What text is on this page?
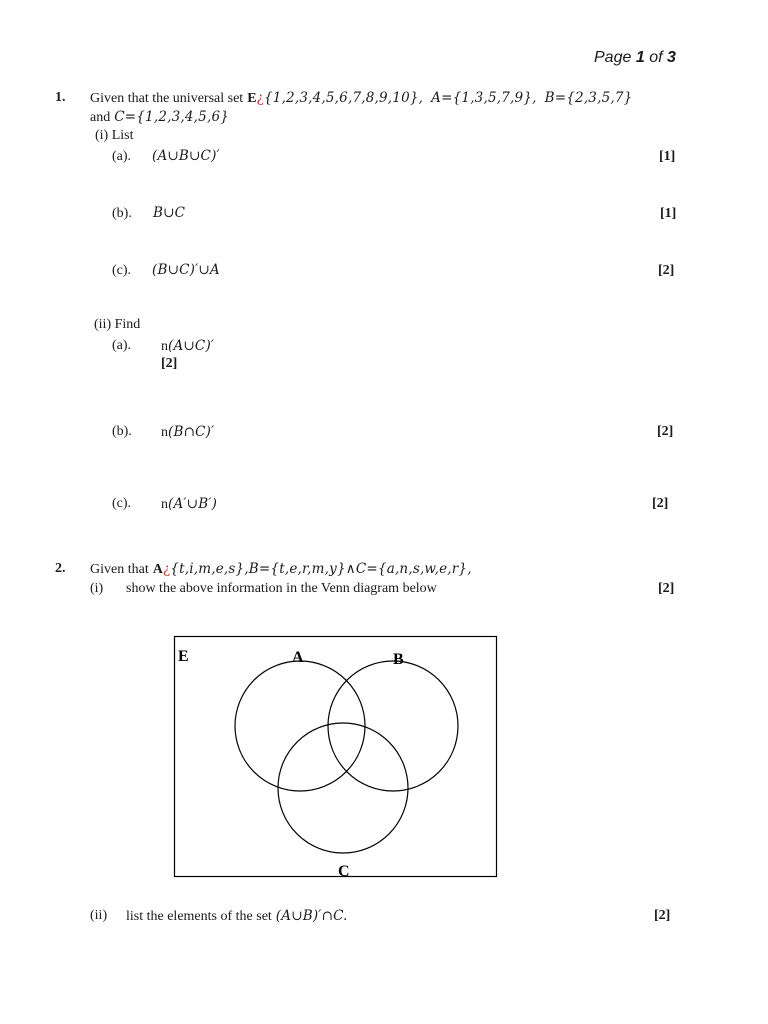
Page 1 of 3
1. Given that the universal set E¿{1,2,3,4,5,6,7,8,9,10}, A={1,3,5,7,9}, B={2,3,5,7}
and C={1,2,3,4,5,6}
(i) List
(a). (A∪B∪C)′	[1]
(b). B∪C	[1]
(c). (B∪C)′∪A	[2]
(ii) Find
(a). n(A∪C)′
[2]
(b). n(B∩C)′	[2]
(c). n(A′∪B′)	[2]
2. Given that A¿{t,i,m,e,s},B={t,e,r,m,y}∧C={a,n,s,w,e,r},
(i) show the above information in the Venn diagram below	[2]
E	A	B
C
(ii) list the elements of the set (A∪B)′∩C.	[2]
